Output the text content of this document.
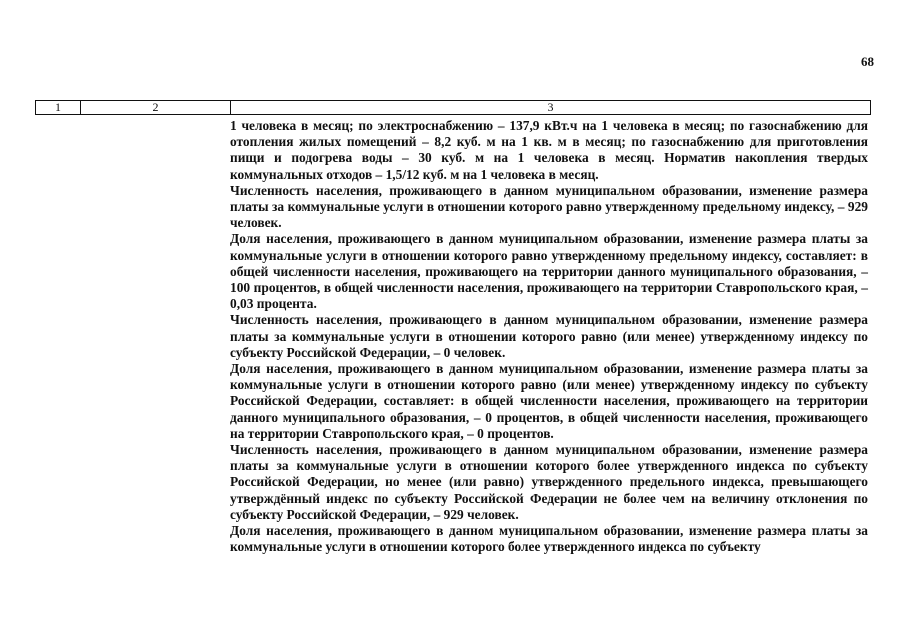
68
1	2	3

1 человека в месяц; по электроснабжению – 137,9 кВт.ч на 1 человека в месяц; по газоснабжению для отопления жилых помещений – 8,2 куб. м на 1 кв. м в месяц; по газоснабжению для приготовления пищи и подогрева воды – 30 куб. м на 1 человека в месяц. Норматив накопления твердых коммунальных отходов – 1,5/12 куб. м на 1 человека в месяц.

Численность населения, проживающего в данном муниципальном образовании, изменение размера платы за коммунальные услуги в отношении которого равно утвержденному предельному индексу, – 929 человек.

Доля населения, проживающего в данном муниципальном образовании, изменение размера платы за коммунальные услуги в отношении которого равно утвержденному предельному индексу, составляет: в общей численности населения, проживающего на территории данного муниципального образования, – 100 процентов, в общей численности населения, проживающего на территории Ставропольского края, – 0,03 процента.

Численность населения, проживающего в данном муниципальном образовании, изменение размера платы за коммунальные услуги в отношении которого равно (или менее) утвержденному индексу по субъекту Российской Федерации, – 0 человек.

Доля населения, проживающего в данном муниципальном образовании, изменение размера платы за коммунальные услуги в отношении которого равно (или менее) утвержденному индексу по субъекту Российской Федерации, составляет: в общей численности населения, проживающего на территории данного муниципального образования, – 0 процентов, в общей численности населения, проживающего на территории Ставропольского края, – 0 процентов.

Численность населения, проживающего в данном муниципальном образовании, изменение размера платы за коммунальные услуги в отношении которого более утвержденного индекса по субъекту Российской Федерации, но менее (или равно) утвержденного предельного индекса, превышающего утверждённый индекс по субъекту Российской Федерации не более чем на величину отклонения по субъекту Российской Федерации, – 929 человек.

Доля населения, проживающего в данном муниципальном образовании, изменение размера платы за коммунальные услуги в отношении которого более утвержденного индекса по субъекту
